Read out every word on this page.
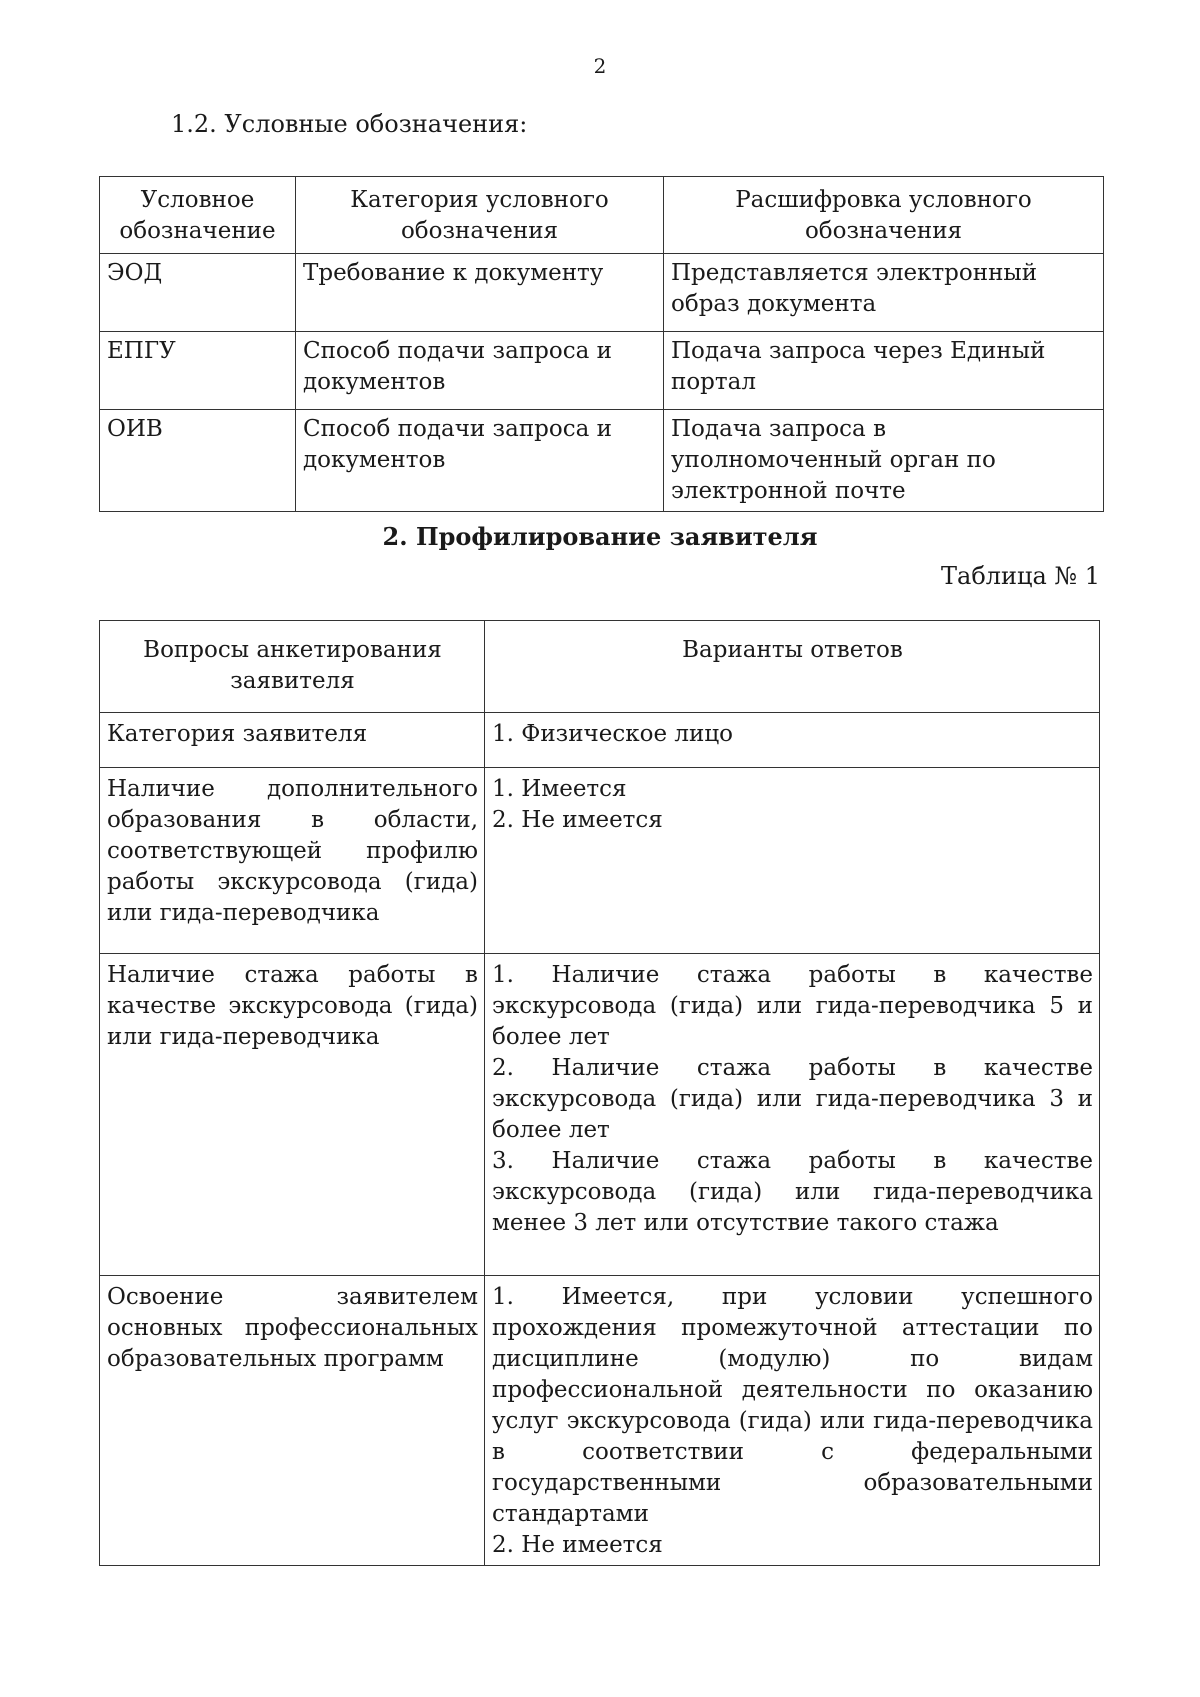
2
1.2. Условные обозначения:
Условное обозначение	Категория условного обозначения	Расшифровка условного обозначения
ЭОД	Требование к документу	Представляется электронный образ документа
ЕПГУ	Способ подачи запроса и документов	Подача запроса через Единый портал
ОИВ	Способ подачи запроса и документов	Подача запроса в уполномоченный орган по электронной почте
2. Профилирование заявителя
Таблица № 1
Вопросы анкетирования заявителя	Варианты ответов
Категория заявителя	1. Физическое лицо

Наличие дополнительного образования в области, соответствующей профилю работы экскурсовода (гида) или гида-переводчика	1. Имеется
2. Не имеется

Наличие стажа работы в качестве экскурсовода (гида) или гида-переводчика	1. Наличие стажа работы в качестве экскурсовода (гида) или гида-переводчика 5 и более лет
2. Наличие стажа работы в качестве экскурсовода (гида) или гида-переводчика 3 и более лет
3. Наличие стажа работы в качестве экскурсовода (гида) или гида-переводчика менее 3 лет или отсутствие такого стажа

Освоение заявителем основных профессиональных образовательных программ	1. Имеется, при условии успешного прохождения промежуточной аттестации по дисциплине (модулю) по видам профессиональной деятельности по оказанию услуг экскурсовода (гида) или гида-переводчика в соответствии с федеральными государственными образовательными стандартами
2. Не имеется
